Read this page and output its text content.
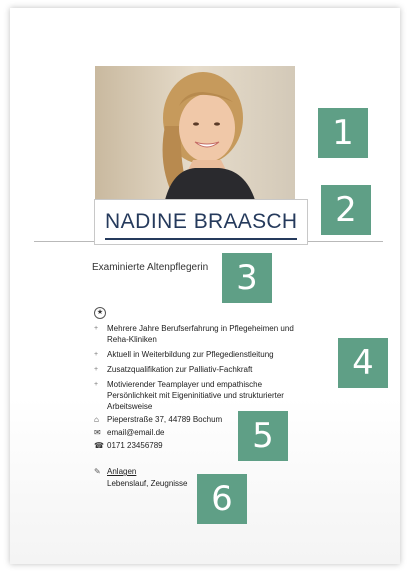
NADINE BRAASCH
Examinierte Altenpflegerin
★
+ Mehrere Jahre Berufserfahrung in Pflegeheimen und Reha-Kliniken
+ Aktuell in Weiterbildung zur Pflegedienstleitung
+ Zusatzqualifikation zur Palliativ-Fachkraft
+ Motivierender Teamplayer und empathische Persönlichkeit mit Eigeninitiative und strukturierter Arbeitsweise
⌂	Pieperstraße 37, 44789 Bochum
✉ email@email.de
☎ 0171 23456789
✎ Anlagen
Lebenslauf, Zeugnisse
1
2
3
4
5
6
